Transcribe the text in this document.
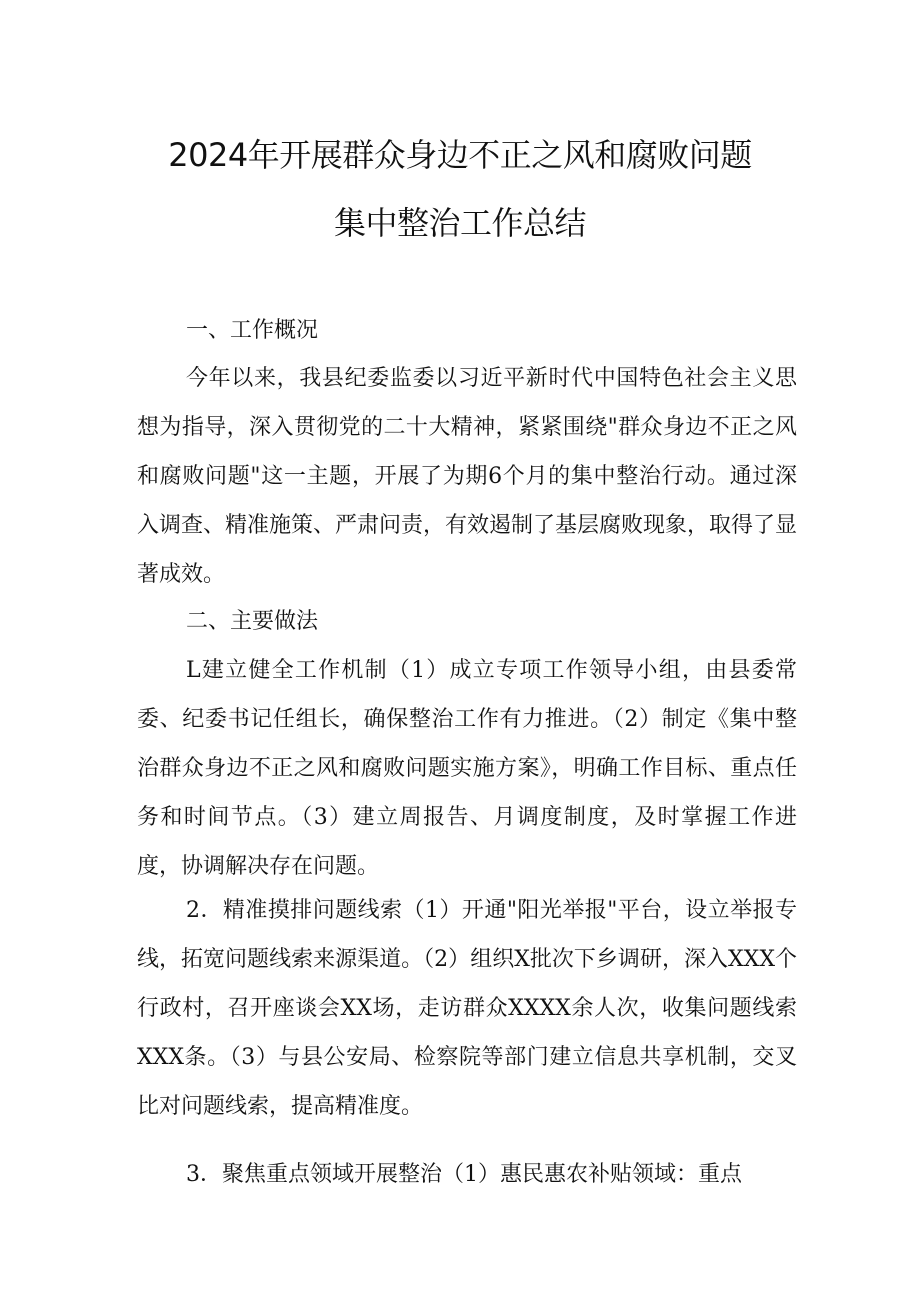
2024年开展群众身边不正之风和腐败问题
集中整治工作总结
一、工作概况
今年以来，我县纪委监委以习近平新时代中国特色社会主义思想为指导，深入贯彻党的二十大精神，紧紧围绕"群众身边不正之风和腐败问题"这一主题，开展了为期6个月的集中整治行动。通过深入调查、精准施策、严肃问责，有效遏制了基层腐败现象，取得了显著成效。
二、主要做法
L建立健全工作机制（1）成立专项工作领导小组，由县委常委、纪委书记任组长，确保整治工作有力推进。（2）制定《集中整治群众身边不正之风和腐败问题实施方案》，明确工作目标、重点任务和时间节点。（3）建立周报告、月调度制度，及时掌握工作进度，协调解决存在问题。
2．精准摸排问题线索（1）开通"阳光举报"平台，设立举报专线，拓宽问题线索来源渠道。（2）组织X批次下乡调研，深入XXX个行政村，召开座谈会XX场，走访群众XXXX余人次，收集问题线索XXX条。（3）与县公安局、检察院等部门建立信息共享机制，交叉比对问题线索，提高精准度。
3．聚焦重点领域开展整治（1）惠民惠农补贴领域：重点
